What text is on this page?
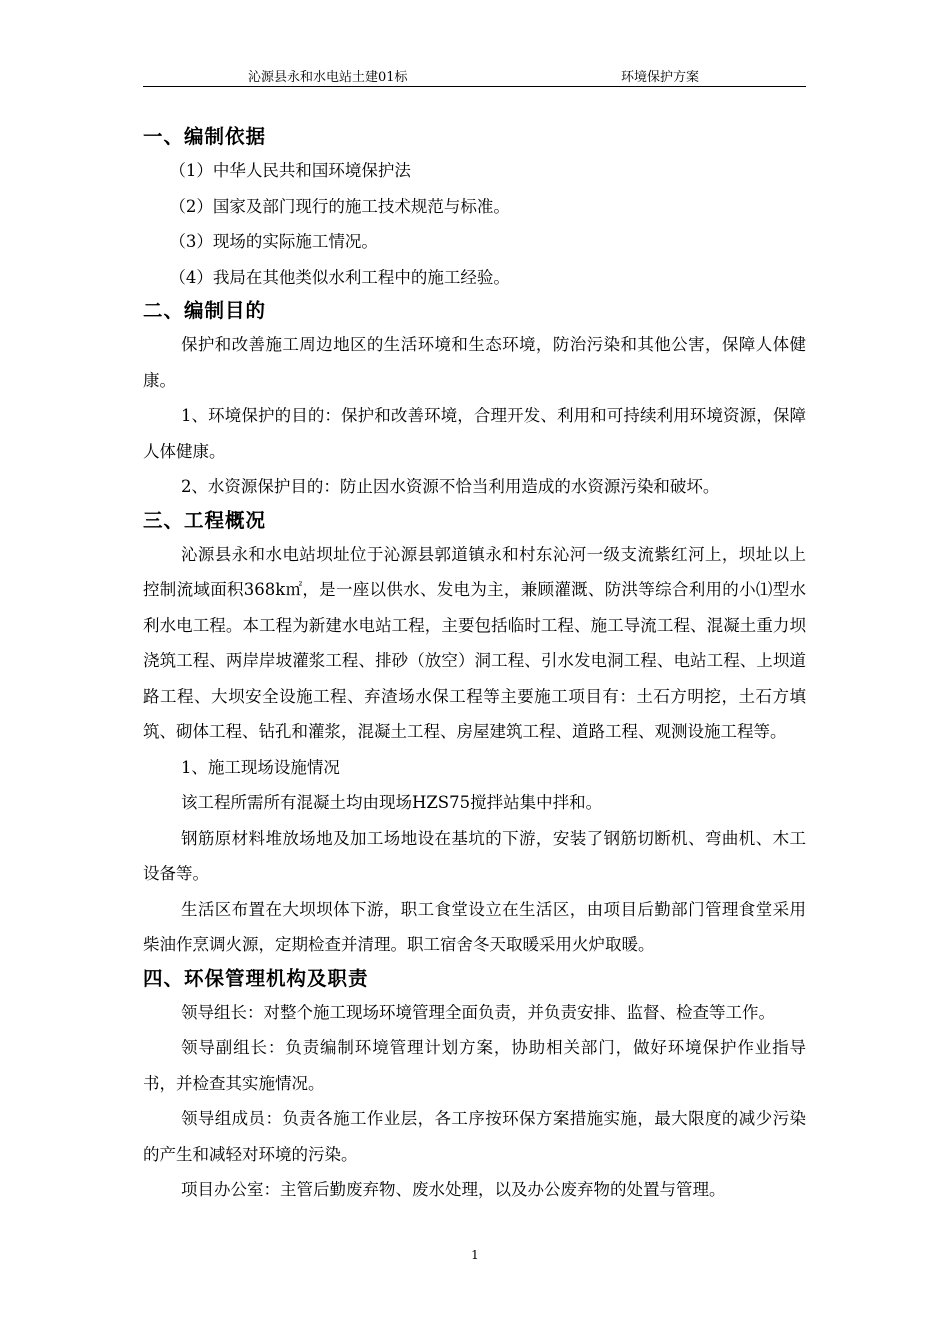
沁源县永和水电站土建01标	环境保护方案
一、编制依据

（1）中华人民共和国环境保护法

（2）国家及部门现行的施工技术规范与标准。

（3）现场的实际施工情况。

（4）我局在其他类似水利工程中的施工经验。

二、编制目的

保护和改善施工周边地区的生活环境和生态环境，防治污染和其他公害，保障人体健康。

1、环境保护的目的：保护和改善环境，合理开发、利用和可持续利用环境资源，保障人体健康。

2、水资源保护目的：防止因水资源不恰当利用造成的水资源污染和破坏。

三、工程概况

沁源县永和水电站坝址位于沁源县郭道镇永和村东沁河一级支流紫红河上，坝址以上控制流域面积368k㎡，是一座以供水、发电为主，兼顾灌溉、防洪等综合利用的小⑴型水利水电工程。本工程为新建水电站工程，主要包括临时工程、施工导流工程、混凝土重力坝浇筑工程、两岸岸坡灌浆工程、排砂（放空）洞工程、引水发电洞工程、电站工程、上坝道路工程、大坝安全设施工程、弃渣场水保工程等主要施工项目有：土石方明挖，土石方填筑、砌体工程、钻孔和灌浆，混凝土工程、房屋建筑工程、道路工程、观测设施工程等。

1、施工现场设施情况

该工程所需所有混凝土均由现场HZS75搅拌站集中拌和。

钢筋原材料堆放场地及加工场地设在基坑的下游，安装了钢筋切断机、弯曲机、木工设备等。

生活区布置在大坝坝体下游，职工食堂设立在生活区，由项目后勤部门管理食堂采用柴油作烹调火源，定期检查并清理。职工宿舍冬天取暖采用火炉取暖。

四、环保管理机构及职责

领导组长：对整个施工现场环境管理全面负责，并负责安排、监督、检查等工作。

领导副组长：负责编制环境管理计划方案，协助相关部门，做好环境保护作业指导书，并检查其实施情况。

领导组成员：负责各施工作业层，各工序按环保方案措施实施，最大限度的减少污染的产生和减轻对环境的污染。

项目办公室：主管后勤废弃物、废水处理，以及办公废弃物的处置与管理。

1
